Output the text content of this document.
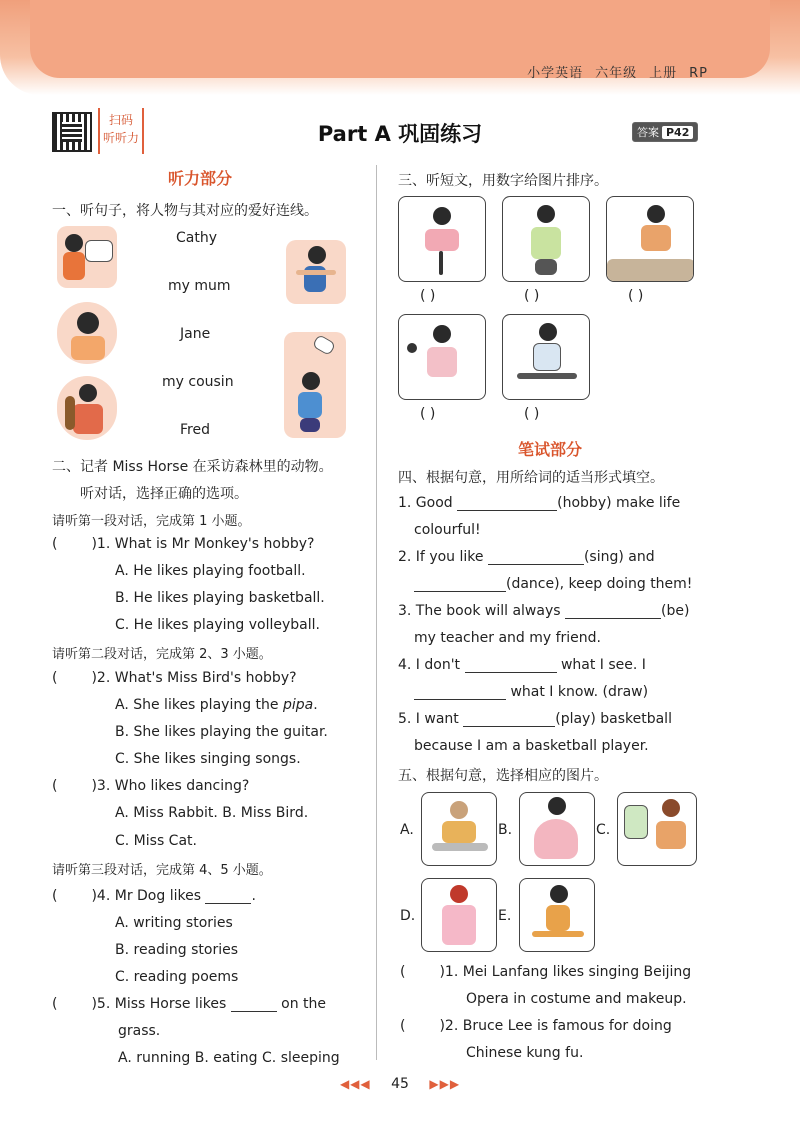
小学英语 六年级 上册 RP
扫码
听听力	Part A 巩固练习	答案 P42
听力部分
一、听句子，将人物与其对应的爱好连线。
Cathy
my mum
Jane
my cousin
Fred
二、记者 Miss Horse 在采访森林里的动物。
听对话，选择正确的选项。
请听第一段对话，完成第 1 小题。
( )1. What is Mr Monkey's hobby?
A. He likes playing football.
B. He likes playing basketball.
C. He likes playing volleyball.
请听第二段对话，完成第 2、3 小题。
( )2. What's Miss Bird's hobby?
A. She likes playing the pipa.
B. She likes playing the guitar.
C. She likes singing songs.
( )3. Who likes dancing?
A. Miss Rabbit. B. Miss Bird.
C. Miss Cat.
请听第三段对话，完成第 4、5 小题。
( )4. Mr Dog likes	.
A. writing stories
B. reading stories
C. reading poems
( )5. Miss Horse likes	on the
grass.
A. running B. eating C. sleeping
三、听短文，用数字给图片排序。
( )	( )	( )
( )	( )
笔试部分
四、根据句意，用所给词的适当形式填空。
1. Good	(hobby) make life
colourful!
2. If you like	(sing) and
(dance), keep doing them!
3. The book will always	(be)
my teacher and my friend.
4. I don't	what I see. I
what I know. (draw)
5. I want	(play) basketball
because I am a basketball player.
五、根据句意，选择相应的图片。
A.	B.	C.
D.	E.
( )1. Mei Lanfang likes singing Beijing
Opera in costume and makeup.
( )2. Bruce Lee is famous for doing
Chinese kung fu.
◀◀◀ 45 ▶▶▶
